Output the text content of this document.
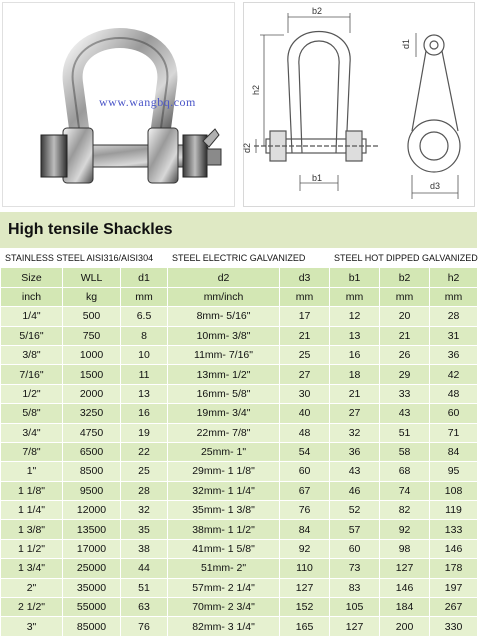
www.wangbq.com
b2
d1
h2
d2
b1
d3
High tensile Shackles
STAINLESS STEEL AISI316/AISI304			STEEL ELECTRIC GALVANIZED		STEEL HOT DIPPED GALVANIZED		
Size	WLL	d1	d2	d3	b1	b2	h2
inch	kg	mm	mm/inch	mm	mm	mm	mm
1/4"	500	6.5	8mm- 5/16"	17	12	20	28
5/16"	750	8	10mm- 3/8"	21	13	21	31
3/8"	1000	10	11mm- 7/16"	25	16	26	36
7/16"	1500	11	13mm- 1/2"	27	18	29	42
1/2"	2000	13	16mm- 5/8"	30	21	33	48
5/8"	3250	16	19mm- 3/4"	40	27	43	60
3/4"	4750	19	22mm- 7/8"	48	32	51	71
7/8"	6500	22	25mm- 1"	54	36	58	84
1"	8500	25	29mm- 1 1/8"	60	43	68	95
1 1/8"	9500	28	32mm- 1 1/4"	67	46	74	108
1 1/4"	12000	32	35mm- 1 3/8"	76	52	82	119
1 3/8"	13500	35	38mm- 1 1/2"	84	57	92	133
1 1/2"	17000	38	41mm- 1 5/8"	92	60	98	146
1 3/4"	25000	44	51mm- 2"	110	73	127	178
2"	35000	51	57mm- 2 1/4"	127	83	146	197
2 1/2"	55000	63	70mm- 2 3/4"	152	105	184	267
3"	85000	76	82mm- 3 1/4"	165	127	200	330
